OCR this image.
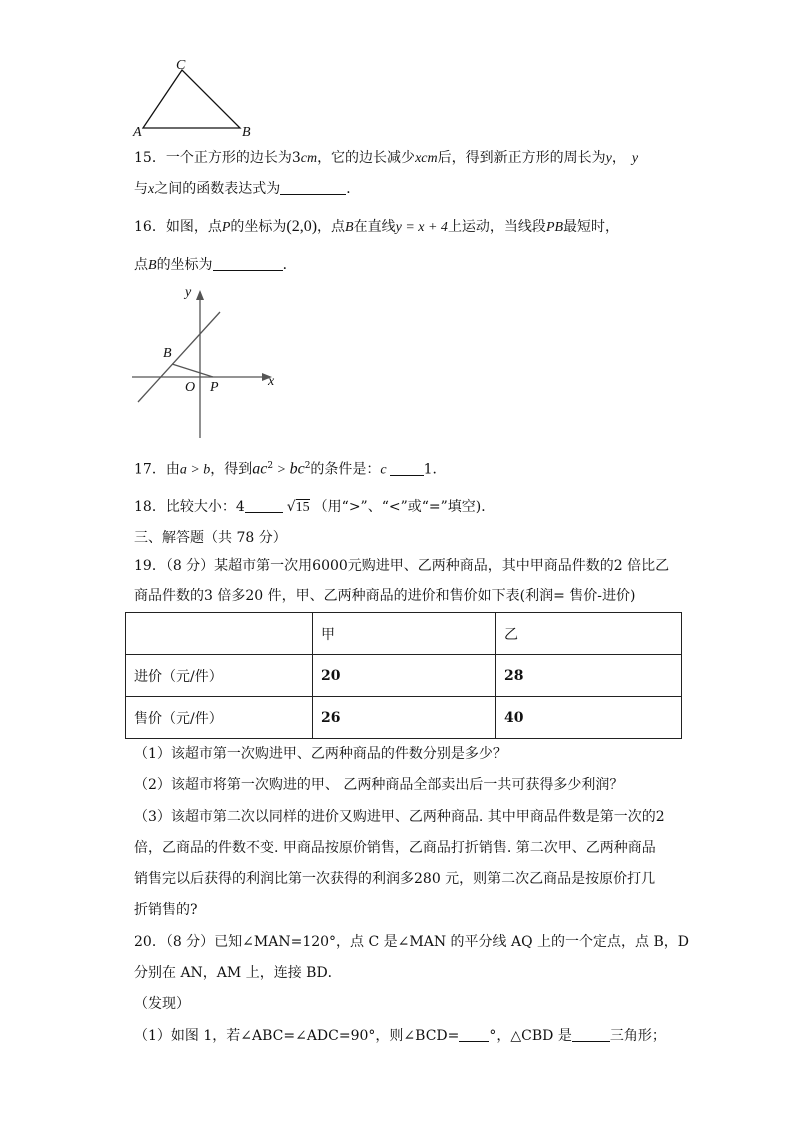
C
A	B
15．一个正方形的边长为3cm，它的边长减少xcm后，得到新正方形的周长为y， y
与x之间的函数表达式为	．
16．如图，点P的坐标为(2,0)，点B在直线y = x + 4上运动，当线段PB最短时，
点B的坐标为	．
y
x
B
O P
17．由a > b，得到$ac^2 > bc^2$的条件是：c	1．
18．比较大小：4	√15 （用“>”、“<”或“=”填空)．
三、解答题（共 78 分）
19．（8 分）某超市第一次用6000元购进甲、乙两种商品，其中甲商品件数的2 倍比乙
商品件数的3 倍多20 件，甲、乙两种商品的进价和售价如下表(利润= 售价-进价)
	甲	乙
进价（元/件）	20	28
售价（元/件）	26	40
（1）该超市第一次购进甲、乙两种商品的件数分别是多少？
（2）该超市将第一次购进的甲、 乙两种商品全部卖出后一共可获得多少利润？
（3）该超市第二次以同样的进价又购进甲、乙两种商品. 其中甲商品件数是第一次的2
倍，乙商品的件数不变. 甲商品按原价销售，乙商品打折销售. 第二次甲、乙两种商品
销售完以后获得的利润比第一次获得的利润多280 元，则第二次乙商品是按原价打几
折销售的?
20．（8 分）已知∠MAN=120°，点 C 是∠MAN 的平分线 AQ 上的一个定点，点 B，D
分别在 AN，AM 上，连接 BD．
（发现）
（1）如图 1，若∠ABC=∠ADC=90°，则∠BCD= °，△CBD 是	三角形；
